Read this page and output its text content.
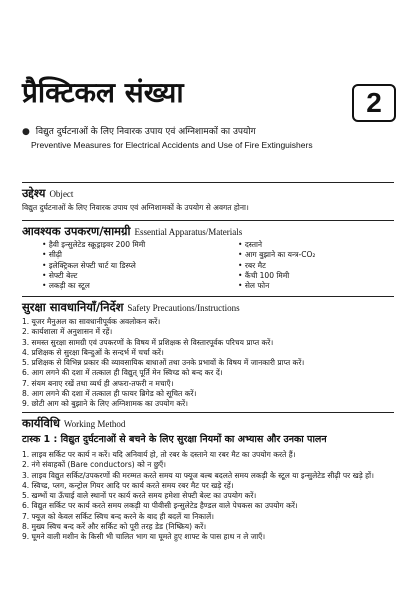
प्रैक्टिकल संख्या	2
● विद्युत दुर्घटनाओं के लिए निवारक उपाय एवं अग्निशामकों का उपयोग
Preventive Measures for Electrical Accidents and Use of Fire Extinguishers
उद्देश्य Object
विद्युत दुर्घटनाओं के लिए निवारक उपाय एवं अग्निशामकों के उपयोग से अवगत होना।
आवश्यक उपकरण/सामग्री Essential Apparatus/Materials
• हैवी इन्सुलेटेड स्क्रूड्राइवर 200 मिमी
• सीढ़ी
• इलेक्ट्रिकल सेफ्टी चार्ट या डिस्प्ले
• सेफ्टी बेल्ट
• लकड़ी का स्टूल
• दस्ताने
• आग बुझाने का यन्त्र-CO₂
• रबर मैट
• कैंची 100 मिमी
• सेल फोन
सुरक्षा सावधानियाँ/निर्देश Safety Precautions/Instructions
1. यूजर मैनुअल का सावधानीपूर्वक अवलोकन करें।
2. कार्यशाला में अनुशासन में रहें।
3. समस्त सुरक्षा सामग्री एवं उपकरणों के विषय में प्रशिक्षक से विस्तारपूर्वक परिचय प्राप्त करें।
4. प्रशिक्षक से सुरक्षा बिन्दुओं के सन्दर्भ में चर्चा करें।
5. प्रशिक्षक से विभिन्न प्रकार की व्यावसायिक बाधाओं तथा उनके प्रभावों के विषय में जानकारी प्राप्त करें।
6. आग लगने की दशा में तत्काल ही विद्युत् पूर्ति मेन स्विच्ड को बन्द कर दें।
7. संयम बनाए रखें तथा व्यर्थ ही अफरा-तफरी न मचाएँ।
8. आग लगने की दशा में तत्काल ही फायर ब्रिगेड को सूचित करें।
9. छोटी आग को बुझाने के लिए अग्निशामक का उपयोग करें।
कार्यविधि Working Method
टास्क 1 : विद्युत दुर्घटनाओं से बचने के लिए सुरक्षा नियमों का अभ्यास और उनका पालन
1. लाइव सर्किट पर कार्य न करें। यदि अनिवार्य हो, तो रबर के दस्ताने या रबर मैट का उपयोग करते हैं।
2. नंगे संवाहकों (Bare conductors) को न छुएँ।
3. लाइव विद्युत सर्किट/उपकरणों की मरम्मत करते समय या फ्यूज बल्ब बदलते समय लकड़ी के स्टूल या इन्सुलेटेड सीढ़ी पर खड़े हों।
4. स्विच्ड, प्लग, कन्ट्रोल गियर आदि पर कार्य करते समय रबर मैट पर खड़े रहें।
5. खम्भों या ऊँचाई वाले स्थानों पर कार्य करते समय हमेशा सेफ्टी बेल्ट का उपयोग करें।
6. विद्युत सर्किट पर कार्य करते समय लकड़ी या पीवीसी इन्सुलेटेड हैण्डल वाले पेचकस का उपयोग करें।
7. फ्यूज को केवल सर्किट स्विच बन्द करने के बाद ही बदलें या निकालें।
8. मुख्य स्विच बन्द करें और सर्किट को पूरी तरह डेड (निष्क्रिय) करें।
9. घूमने वाली मशीन के किसी भी चालित भाग या घूमते हुए शाफ्ट के पास हाथ न ले जाएँ।
